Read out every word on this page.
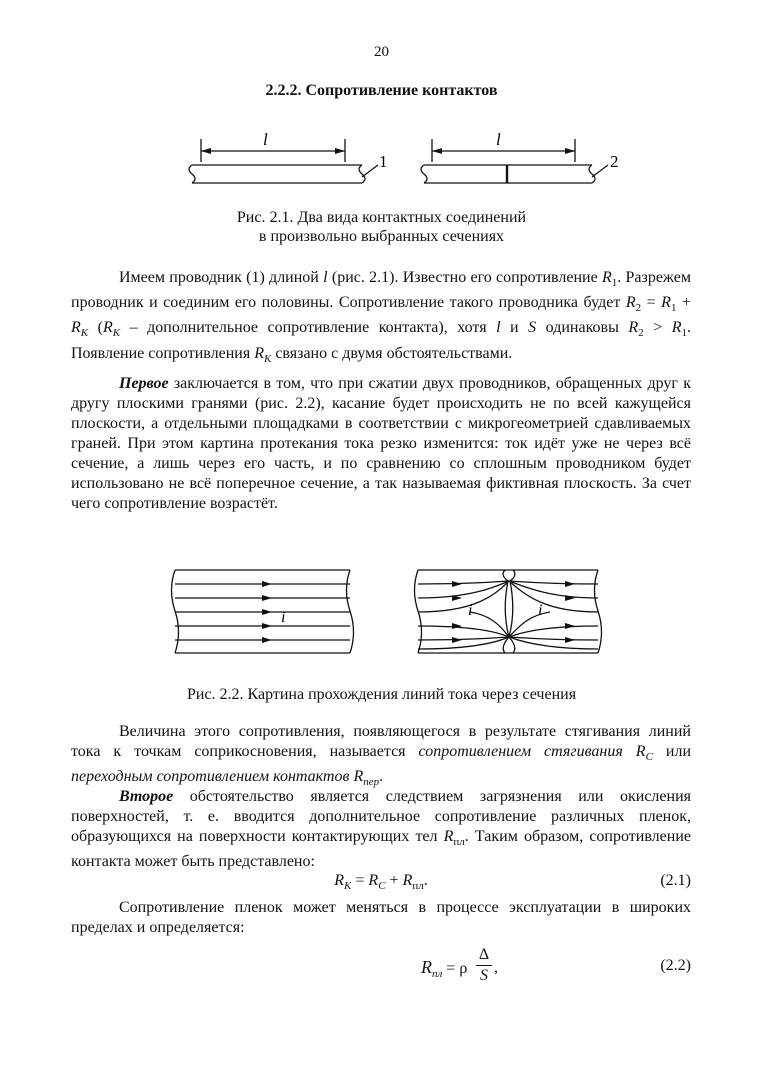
20
2.2.2. Сопротивление контактов
l
1
l
2
Рис. 2.1. Два вида контактных соединений
в произвольно выбранных сечениях

Имеем проводник (1) длиной l (рис. 2.1). Известно его сопротивление $R_1$. Разрежем проводник и соединим его половины. Сопротивление такого проводника будет $R_2 = R_1 + R_K$ ($R_K$ – дополнительное сопротивление контакта), хотя l и S одинаковы $R_2 > R_1$. Появление сопротивления $R_K$ связано с двумя обстоятельствами.

Первое заключается в том, что при сжатии двух проводников, обращенных друг к другу плоскими гранями (рис. 2.2), касание будет происходить не по всей кажущейся плоскости, а отдельными площадками в соответствии с микрогеометрией сдавливаемых граней. При этом картина протекания тока резко изменится: ток идёт уже не через всё сечение, а лишь через его часть, и по сравнению со сплошным проводником будет использовано не всё поперечное сечение, а так называемая фиктивная плоскость. За счет чего сопротивление возрастёт.

i	i	i
Рис. 2.2. Картина прохождения линий тока через сечения

Величина этого сопротивления, появляющегося в результате стягивания линий тока к точкам соприкосновения, называется сопротивлением стягивания $R_C$ или переходным сопротивлением контактов $R_{пер}$.

Второе обстоятельство является следствием загрязнения или окисления поверхностей, т. е. вводится дополнительное сопротивление различных пленок, образующихся на поверхности контактирующих тел $R_{пл}$. Таким образом, сопротивление контакта может быть представлено:

$R_K = R_C + R_{пл}$.	(2.1)

Сопротивление пленок может меняться в процессе эксплуатации в широких пределах и определяется:

$R_{пл} = \rho$
Δ
S ,	(2.2)
